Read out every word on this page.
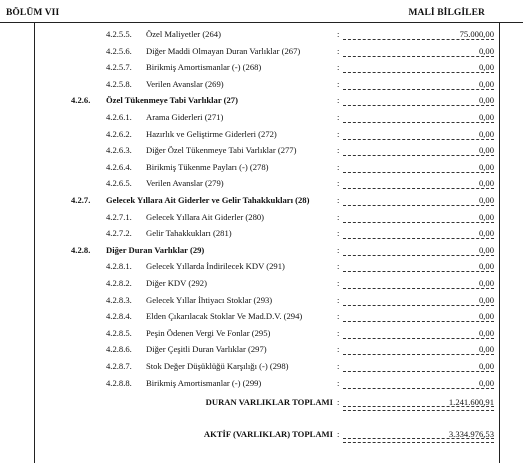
BÖLÜM VII	MALİ BİLGİLER
4.2.5.5. Özel Maliyetler (264)	:	75.000,00
4.2.5.6. Diğer Maddi Olmayan Duran Varlıklar (267)	:	0,00
4.2.5.7. Birikmiş Amortismanlar (-) (268)	:	0,00
4.2.5.8. Verilen Avanslar (269)	:	0,00
4.2.6. Özel Tükenmeye Tabi Varlıklar (27)	:	0,00
4.2.6.1. Arama Giderleri (271)	:	0,00
4.2.6.2. Hazırlık ve Geliştirme Giderleri (272)	:	0,00
4.2.6.3. Diğer Özel Tükenmeye Tabi Varlıklar (277)	:	0,00
4.2.6.4. Birikmiş Tükenme Payları (-) (278)	:	0,00
4.2.6.5. Verilen Avanslar (279)	:	0,00
4.2.7. Gelecek Yıllara Ait Giderler ve Gelir Tahakkukları (28)	:	0,00
4.2.7.1. Gelecek Yıllara Ait Giderler (280)	:	0,00
4.2.7.2. Gelir Tahakkukları (281)	:	0,00
4.2.8. Diğer Duran Varlıklar (29)	:	0,00
4.2.8.1. Gelecek Yıllarda İndirilecek KDV (291)	:	0,00
4.2.8.2. Diğer KDV (292)	:	0,00
4.2.8.3. Gelecek Yıllar İhtiyacı Stoklar (293)	:	0,00
4.2.8.4. Elden Çıkarılacak Stoklar Ve Mad.D.V. (294)	:	0,00
4.2.8.5. Peşin Ödenen Vergi Ve Fonlar (295)	:	0,00
4.2.8.6. Diğer Çeşitli Duran Varlıklar (297)	:	0,00
4.2.8.7. Stok Değer Düşüklüğü Karşılığı (-) (298)	:	0,00
4.2.8.8. Birikmiş Amortismanlar (-) (299)	:	0,00
DURAN VARLIKLAR TOPLAMI :	1.241.600,91
AKTİF (VARLIKLAR) TOPLAMI :	3.334.976,53
